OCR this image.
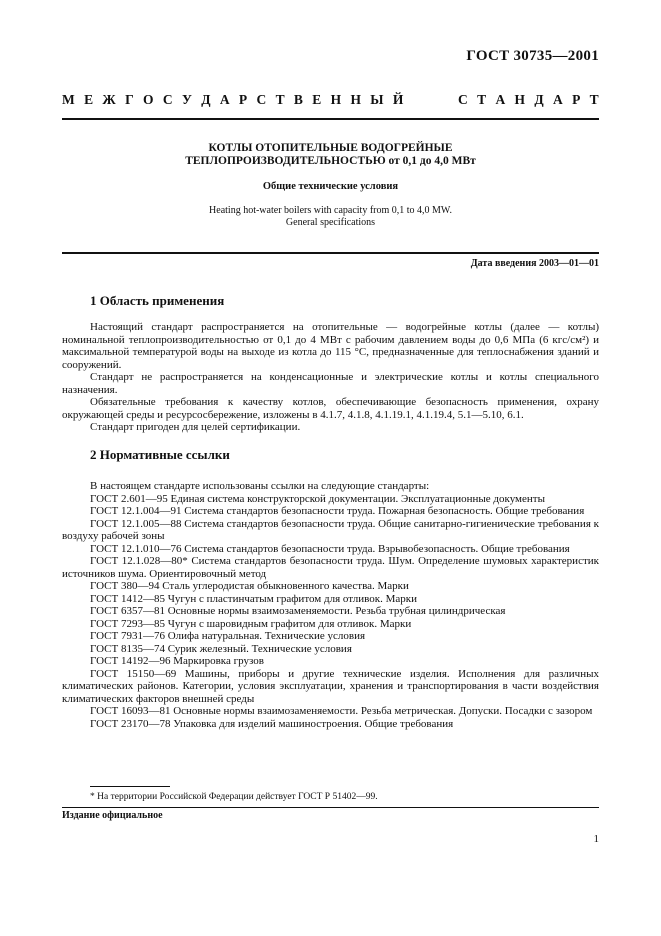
ГОСТ 30735—2001
М Е Ж Г О С У Д А Р С Т В Е Н Н Ы Й	С Т А Н Д А Р Т
КОТЛЫ ОТОПИТЕЛЬНЫЕ ВОДОГРЕЙНЫЕ
ТЕПЛОПРОИЗВОДИТЕЛЬНОСТЬЮ от 0,1 до 4,0 МВт
Общие технические условия
Heating hot-water boilers with capacity from 0,1 to 4,0 MW.
General specifications
Дата введения 2003—01—01
1 Область применения

Настоящий стандарт распространяется на отопительные — водогрейные котлы (далее — котлы) номинальной теплопроизводительностью от 0,1 до 4 МВт с рабочим давлением воды до 0,6 МПа (6 кгс/см²) и максимальной температурой воды на выходе из котла до 115 °С, предназначенные для теплоснабжения зданий и сооружений.

Стандарт не распространяется на конденсационные и электрические котлы и котлы специального назначения.

Обязательные требования к качеству котлов, обеспечивающие безопасность применения, охрану окружающей среды и ресурсосбережение, изложены в 4.1.7, 4.1.8, 4.1.19.1, 4.1.19.4, 5.1—5.10, 6.1.

Стандарт пригоден для целей сертификации.

2 Нормативные ссылки

В настоящем стандарте использованы ссылки на следующие стандарты:

ГОСТ 2.601—95 Единая система конструкторской документации. Эксплуатационные документы

ГОСТ 12.1.004—91 Система стандартов безопасности труда. Пожарная безопасность. Общие требования

ГОСТ 12.1.005—88 Система стандартов безопасности труда. Общие санитарно-гигиенические требования к воздуху рабочей зоны

ГОСТ 12.1.010—76 Система стандартов безопасности труда. Взрывобезопасность. Общие требования

ГОСТ 12.1.028—80* Система стандартов безопасности труда. Шум. Определение шумовых характеристик источников шума. Ориентировочный метод

ГОСТ 380—94 Сталь углеродистая обыкновенного качества. Марки

ГОСТ 1412—85 Чугун с пластинчатым графитом для отливок. Марки

ГОСТ 6357—81 Основные нормы взаимозаменяемости. Резьба трубная цилиндрическая

ГОСТ 7293—85 Чугун с шаровидным графитом для отливок. Марки

ГОСТ 7931—76 Олифа натуральная. Технические условия

ГОСТ 8135—74 Сурик железный. Технические условия

ГОСТ 14192—96 Маркировка грузов

ГОСТ 15150—69 Машины, приборы и другие технические изделия. Исполнения для различных климатических районов. Категории, условия эксплуатации, хранения и транспортирования в части воздействия климатических факторов внешней среды

ГОСТ 16093—81 Основные нормы взаимозаменяемости. Резьба метрическая. Допуски. Посадки с зазором

ГОСТ 23170—78 Упаковка для изделий машиностроения. Общие требования

* На территории Российской Федерации действует ГОСТ Р 51402—99.
Издание официальное
1
